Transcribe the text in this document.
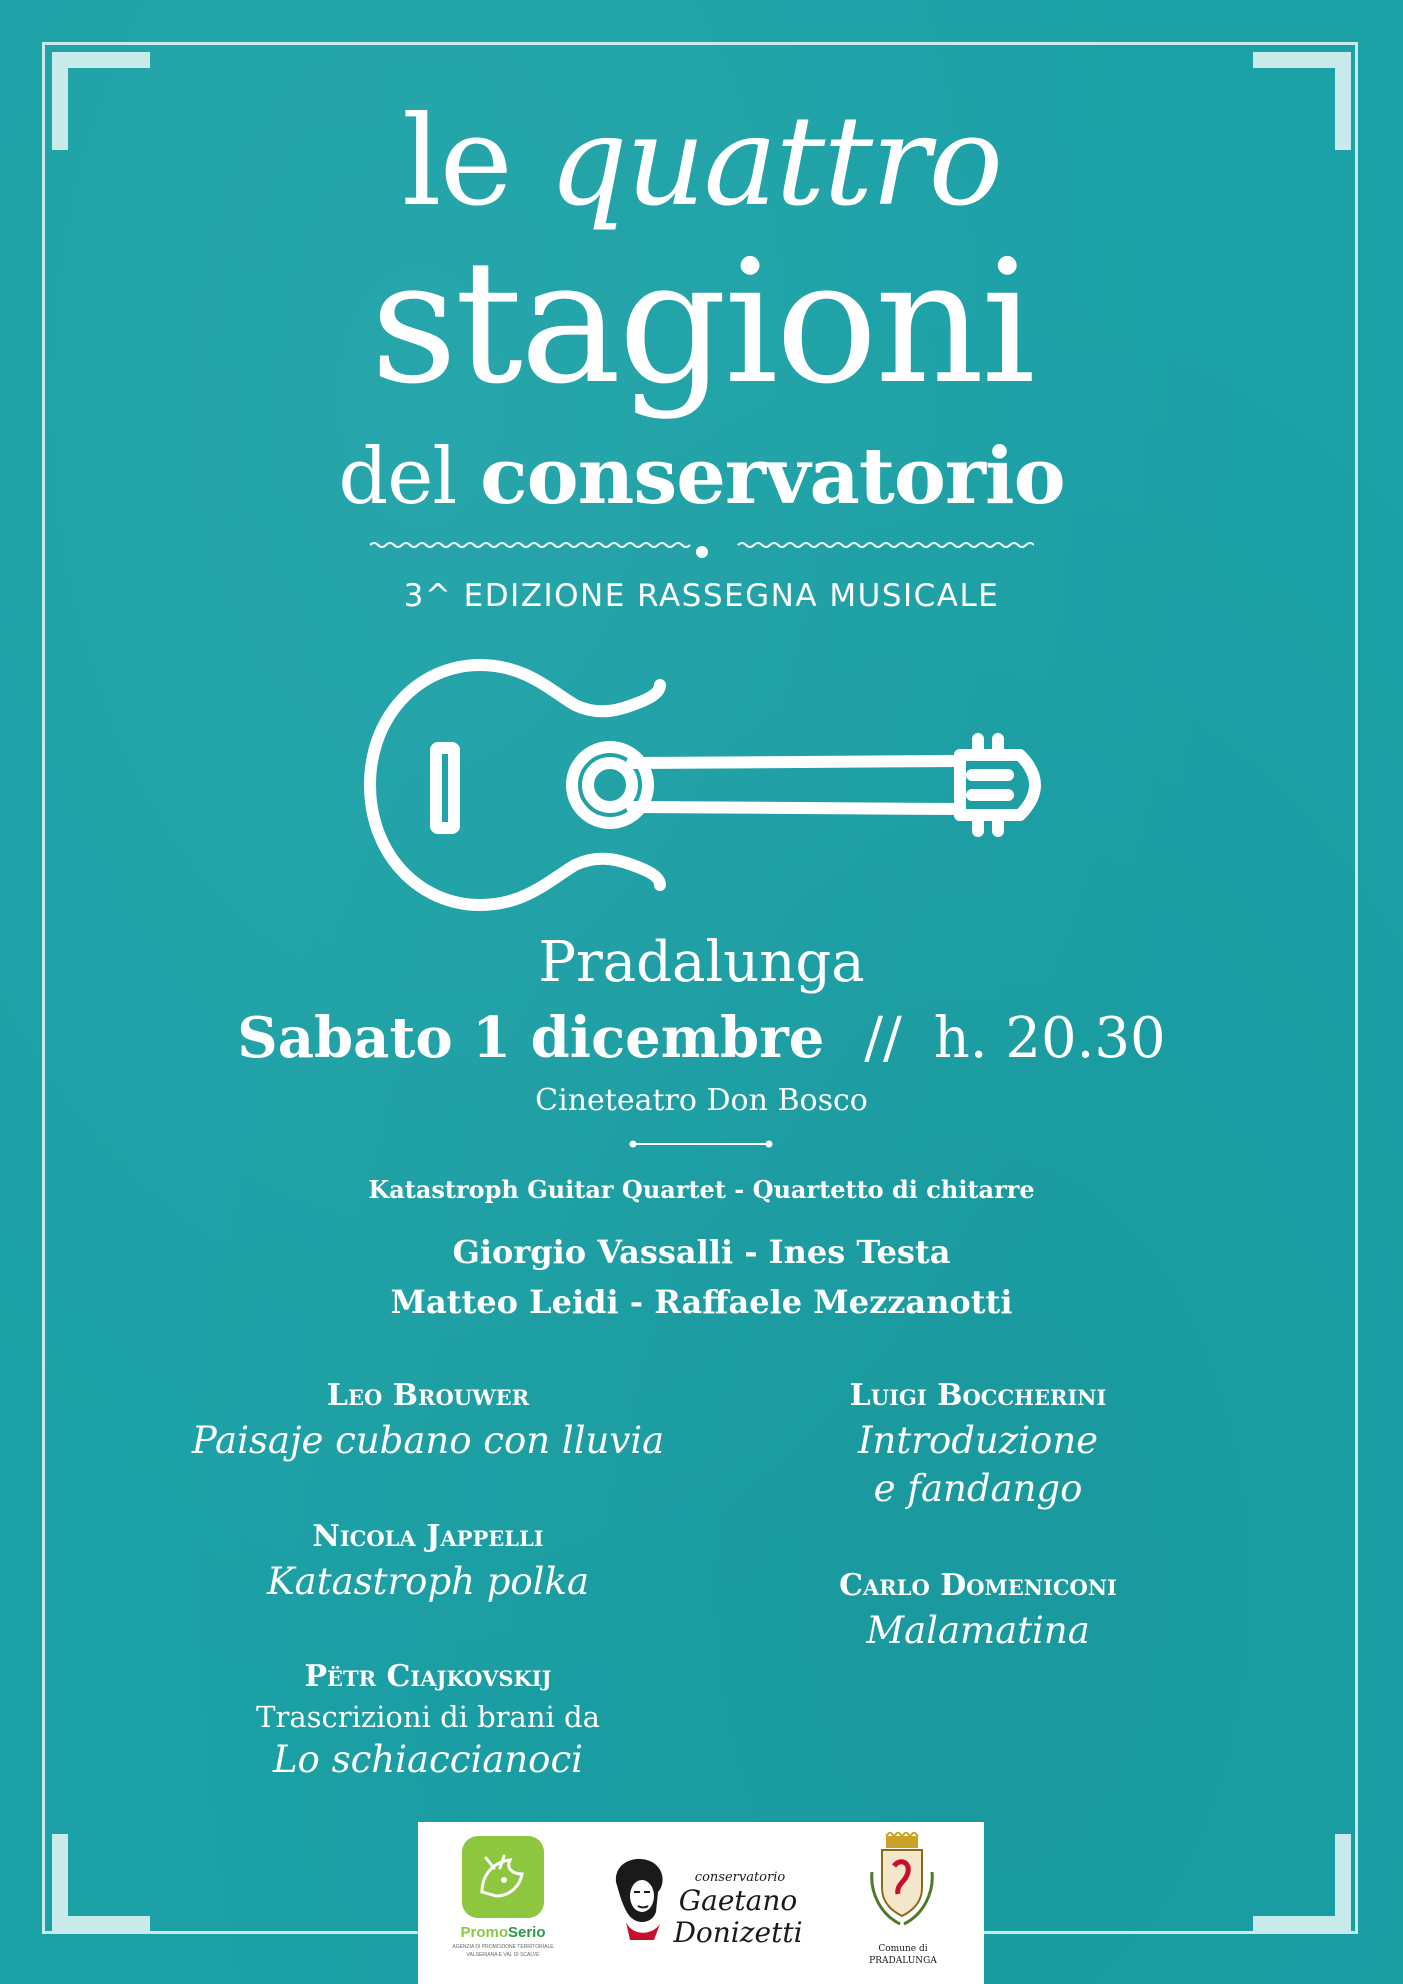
le quattro
stagioni
del conservatorio
3^ EDIZIONE RASSEGNA MUSICALE
Pradalunga
Sabato 1 dicembre // h. 20.30
Cineteatro Don Bosco
Katastroph Guitar Quartet - Quartetto di chitarre
Giorgio Vassalli - Ines Testa
Matteo Leidi - Raffaele Mezzanotti
Leo Brouwer
Paisaje cubano con lluvia
Nicola Jappelli
Katastroph polka
Pëtr Ciajkovskij
Trascrizioni di brani da
Lo schiaccianoci
Luigi Boccherini
Introduzione
e fandango
Carlo Domeniconi
Malamatina
PromoSerio
AGENZIA DI PROMOZIONE TERRITORIALE
VALSERIANA E VAL DI SCALVE
conservatorio
Gaetano
Donizetti	Comune di
PRADALUNGA
